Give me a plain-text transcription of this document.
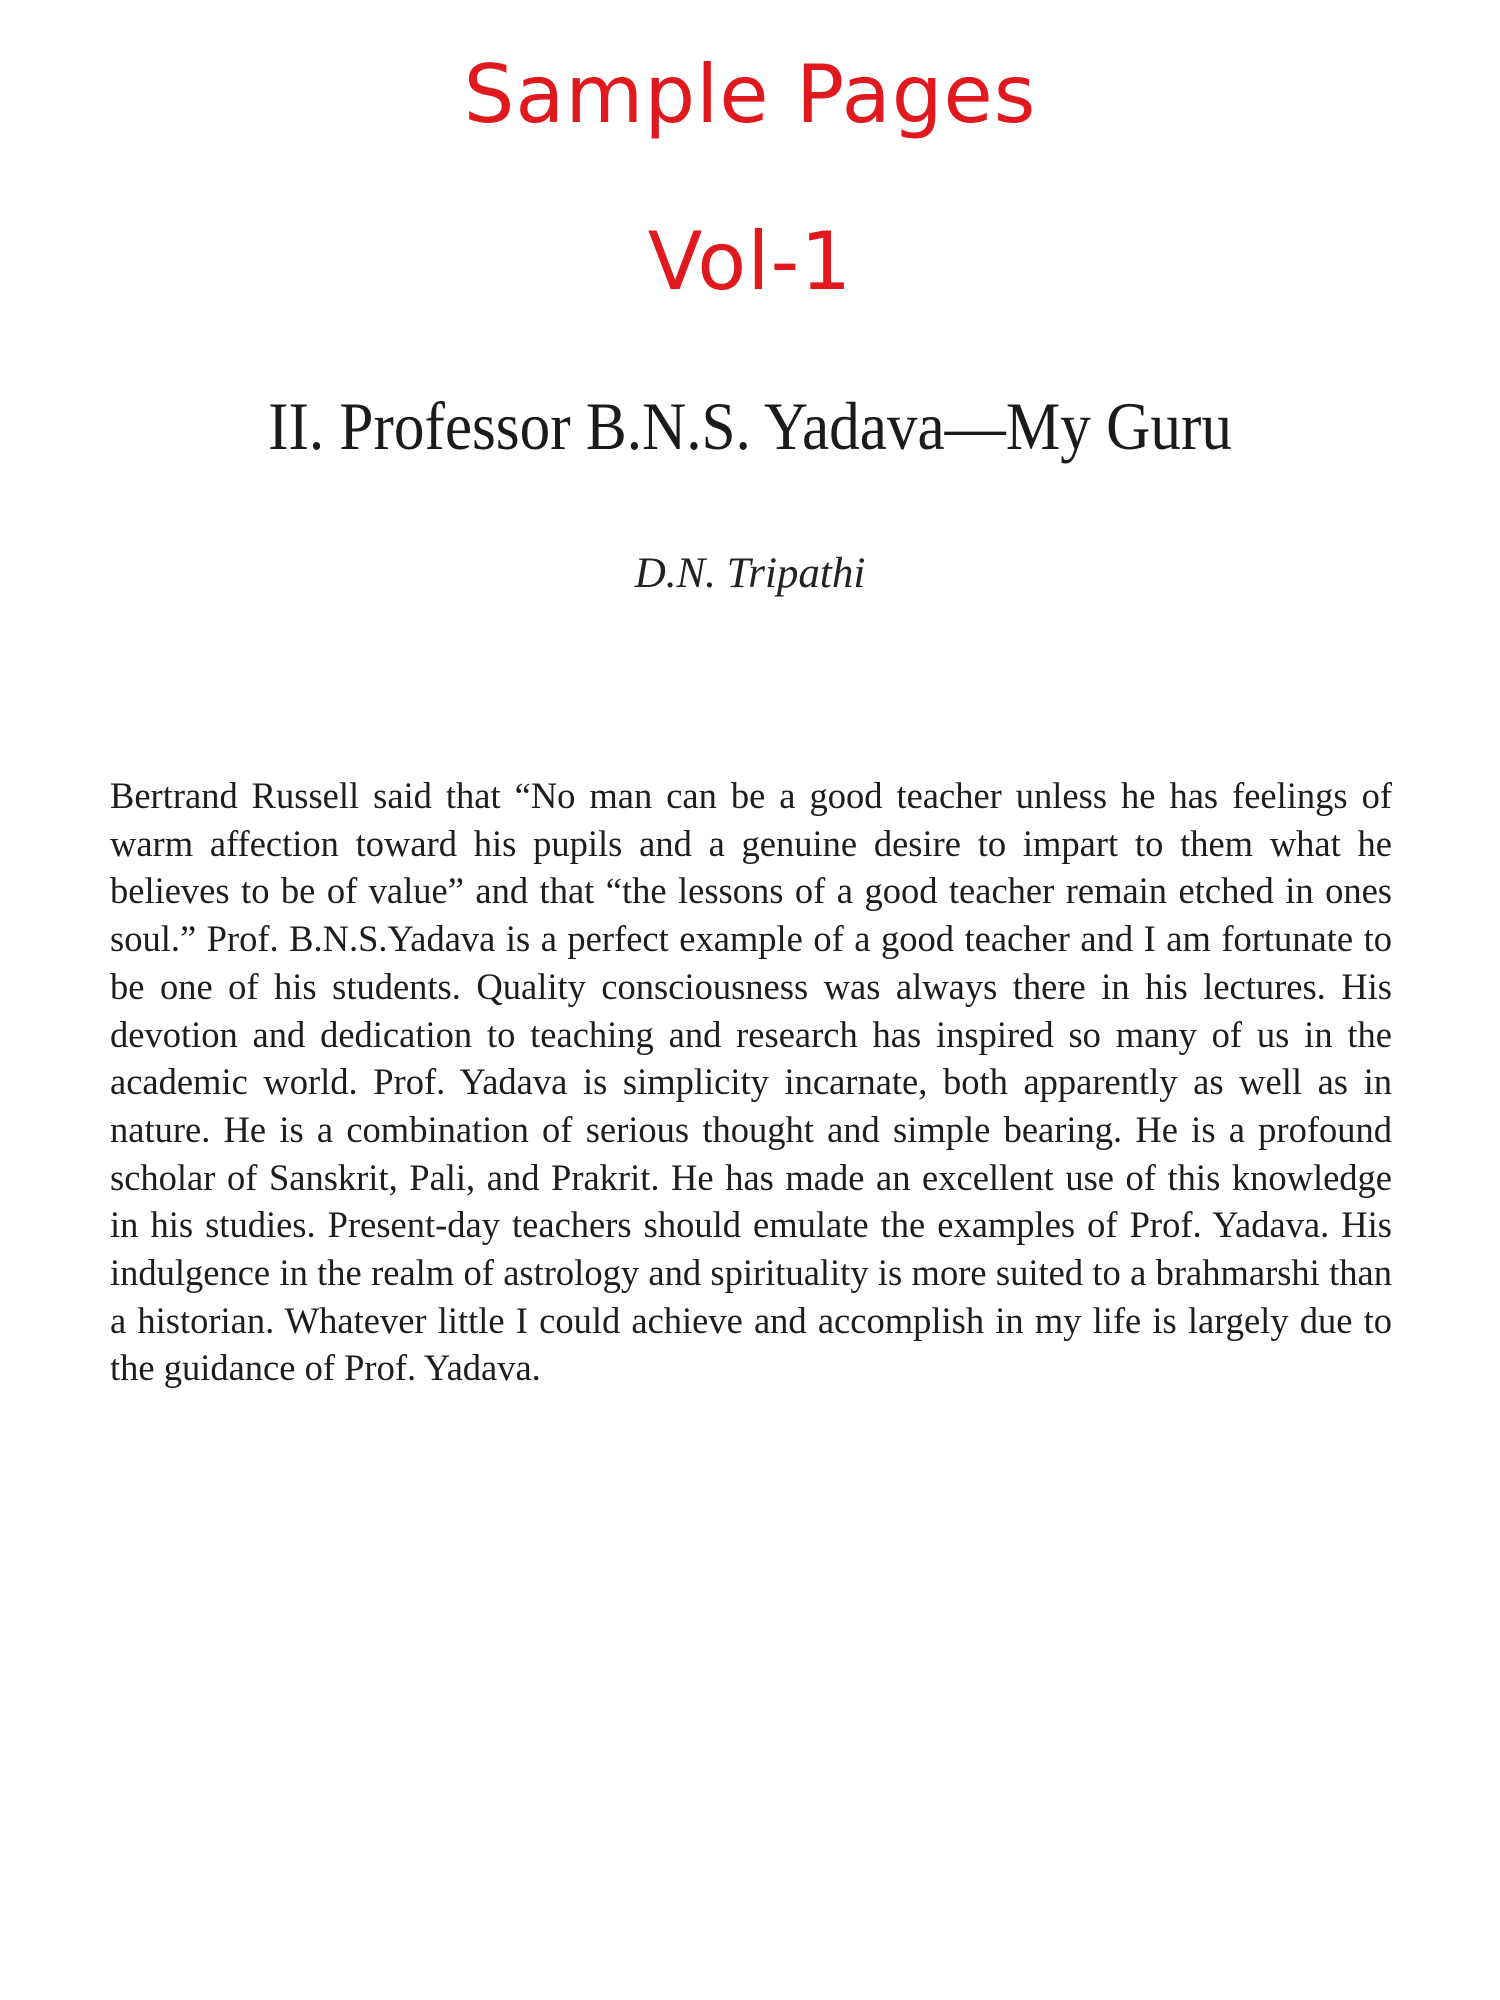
Sample Pages
Vol-1
II. Professor B.N.S. Yadava—My Guru
D.N. Tripathi

Bertrand Russell said that “No man can be a good teacher unless he has feelings of warm affection toward his pupils and a genuine desire to impart to them what he believes to be of value” and that “the lessons of a good teacher remain etched in ones soul.” Prof. B.N.S.Yadava is a perfect example of a good teacher and I am fortunate to be one of his students. Quality consciousness was always there in his lectures. His devotion and dedication to teaching and research has inspired so many of us in the academic world. Prof. Yadava is simplicity incarnate, both apparently as well as in nature. He is a combination of serious thought and simple bearing. He is a profound scholar of Sanskrit, Pali, and Prakrit. He has made an excellent use of this knowledge in his studies. Present-day teachers should emulate the examples of Prof. Yadava. His indulgence in the realm of astrology and spirituality is more suited to a brahmarshi than a historian. Whatever little I could achieve and accomplish in my life is largely due to the guidance of Prof. Yadava.
